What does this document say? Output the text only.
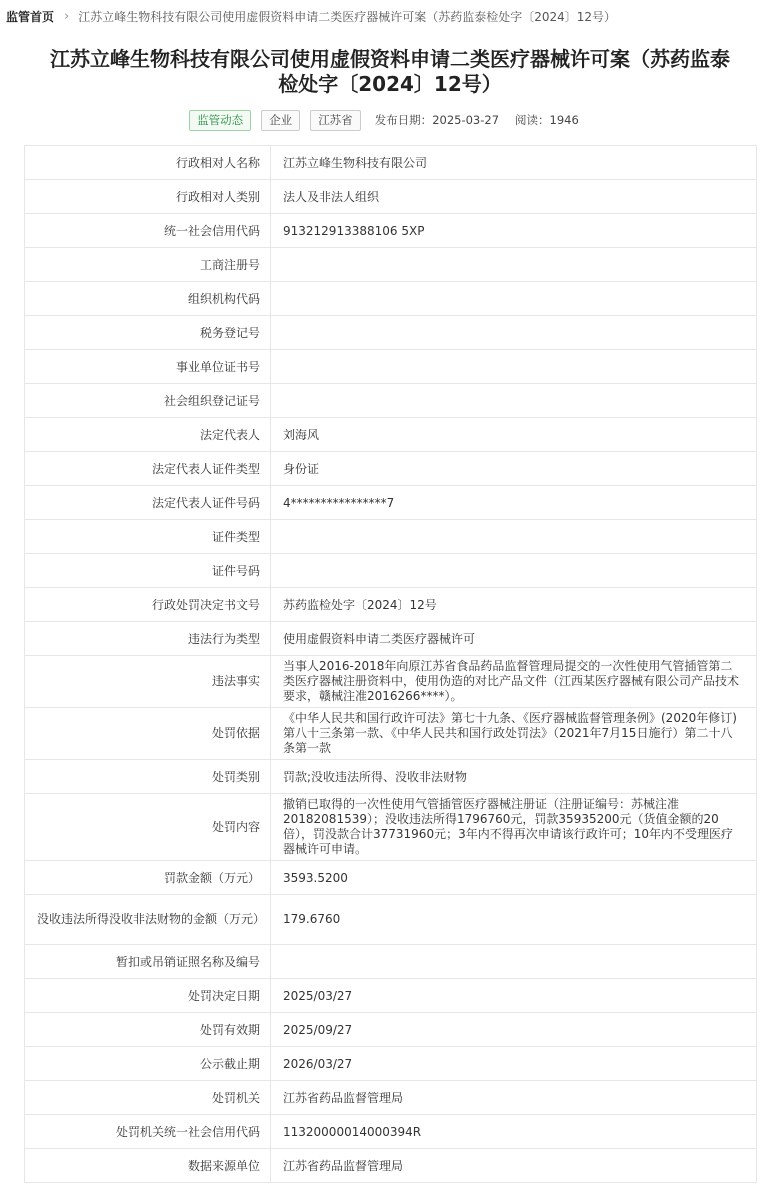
监管首页 › 江苏立峰生物科技有限公司使用虚假资料申请二类医疗器械许可案（苏药监泰检处字〔2024〕12号）
江苏立峰生物科技有限公司使用虚假资料申请二类医疗器械许可案（苏药监泰检处字〔2024〕12号）
监管动态	企业	江苏省	发布日期：2025-03-27 阅读：1946
行政相对人名称	江苏立峰生物科技有限公司
行政相对人类别	法人及非法人组织
统一社会信用代码	913212913388106 5XP
工商注册号	
组织机构代码	
税务登记号	
事业单位证书号	
社会组织登记证号	
法定代表人	刘海风
法定代表人证件类型	身份证
法定代表人证件号码	4****************7
证件类型	
证件号码	
行政处罚决定书文号	苏药监检处字〔2024〕12号
违法行为类型	使用虚假资料申请二类医疗器械许可
违法事实	当事人2016-2018年向原江苏省食品药品监督管理局提交的一次性使用气管插管第二类医疗器械注册资料中，使用伪造的对比产品文件（江西某医疗器械有限公司产品技术要求，赣械注准2016266****）。
处罚依据	《中华人民共和国行政许可法》第七十九条、《医疗器械监督管理条例》(2020年修订)第八十三条第一款、《中华人民共和国行政处罚法》（2021年7月15日施行）第二十八条第一款
处罚类别	罚款;没收违法所得、没收非法财物
处罚内容	撤销已取得的一次性使用气管插管医疗器械注册证（注册证编号：苏械注准20182081539）；没收违法所得1796760元，罚款35935200元（货值金额的20倍），罚没款合计37731960元；3年内不得再次申请该行政许可；10年内不受理医疗器械许可申请。
罚款金额（万元）	3593.5200
没收违法所得没收非法财物的金额（万元）	179.6760
暂扣或吊销证照名称及编号	
处罚决定日期	2025/03/27
处罚有效期	2025/09/27
公示截止期	2026/03/27
处罚机关	江苏省药品监督管理局
处罚机关统一社会信用代码	11320000014000394R
数据来源单位	江苏省药品监督管理局
